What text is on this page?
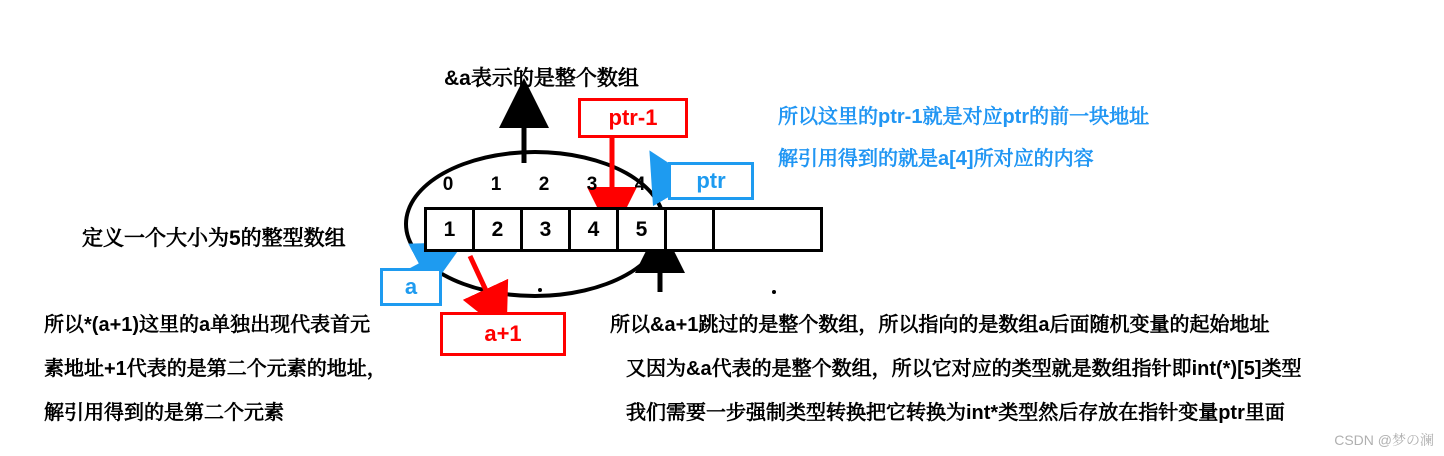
0	1	2	3	4
1	2	3	4	5
&a表示的是整个数组
定义一个大小为5的整型数组
ptr-1
ptr
a
a+1
所以这里的ptr-1就是对应ptr的前一块地址
解引用得到的就是a[4]所对应的内容
所以*(a+1)这里的a单独出现代表首元
素地址+1代表的是第二个元素的地址，
解引用得到的是第二个元素
所以&a+1跳过的是整个数组，所以指向的是数组a后面随机变量的起始地址
又因为&a代表的是整个数组，所以它对应的类型就是数组指针即int(*)[5]类型
我们需要一步强制类型转换把它转换为int*类型然后存放在指针变量ptr里面
CSDN @梦の澜
